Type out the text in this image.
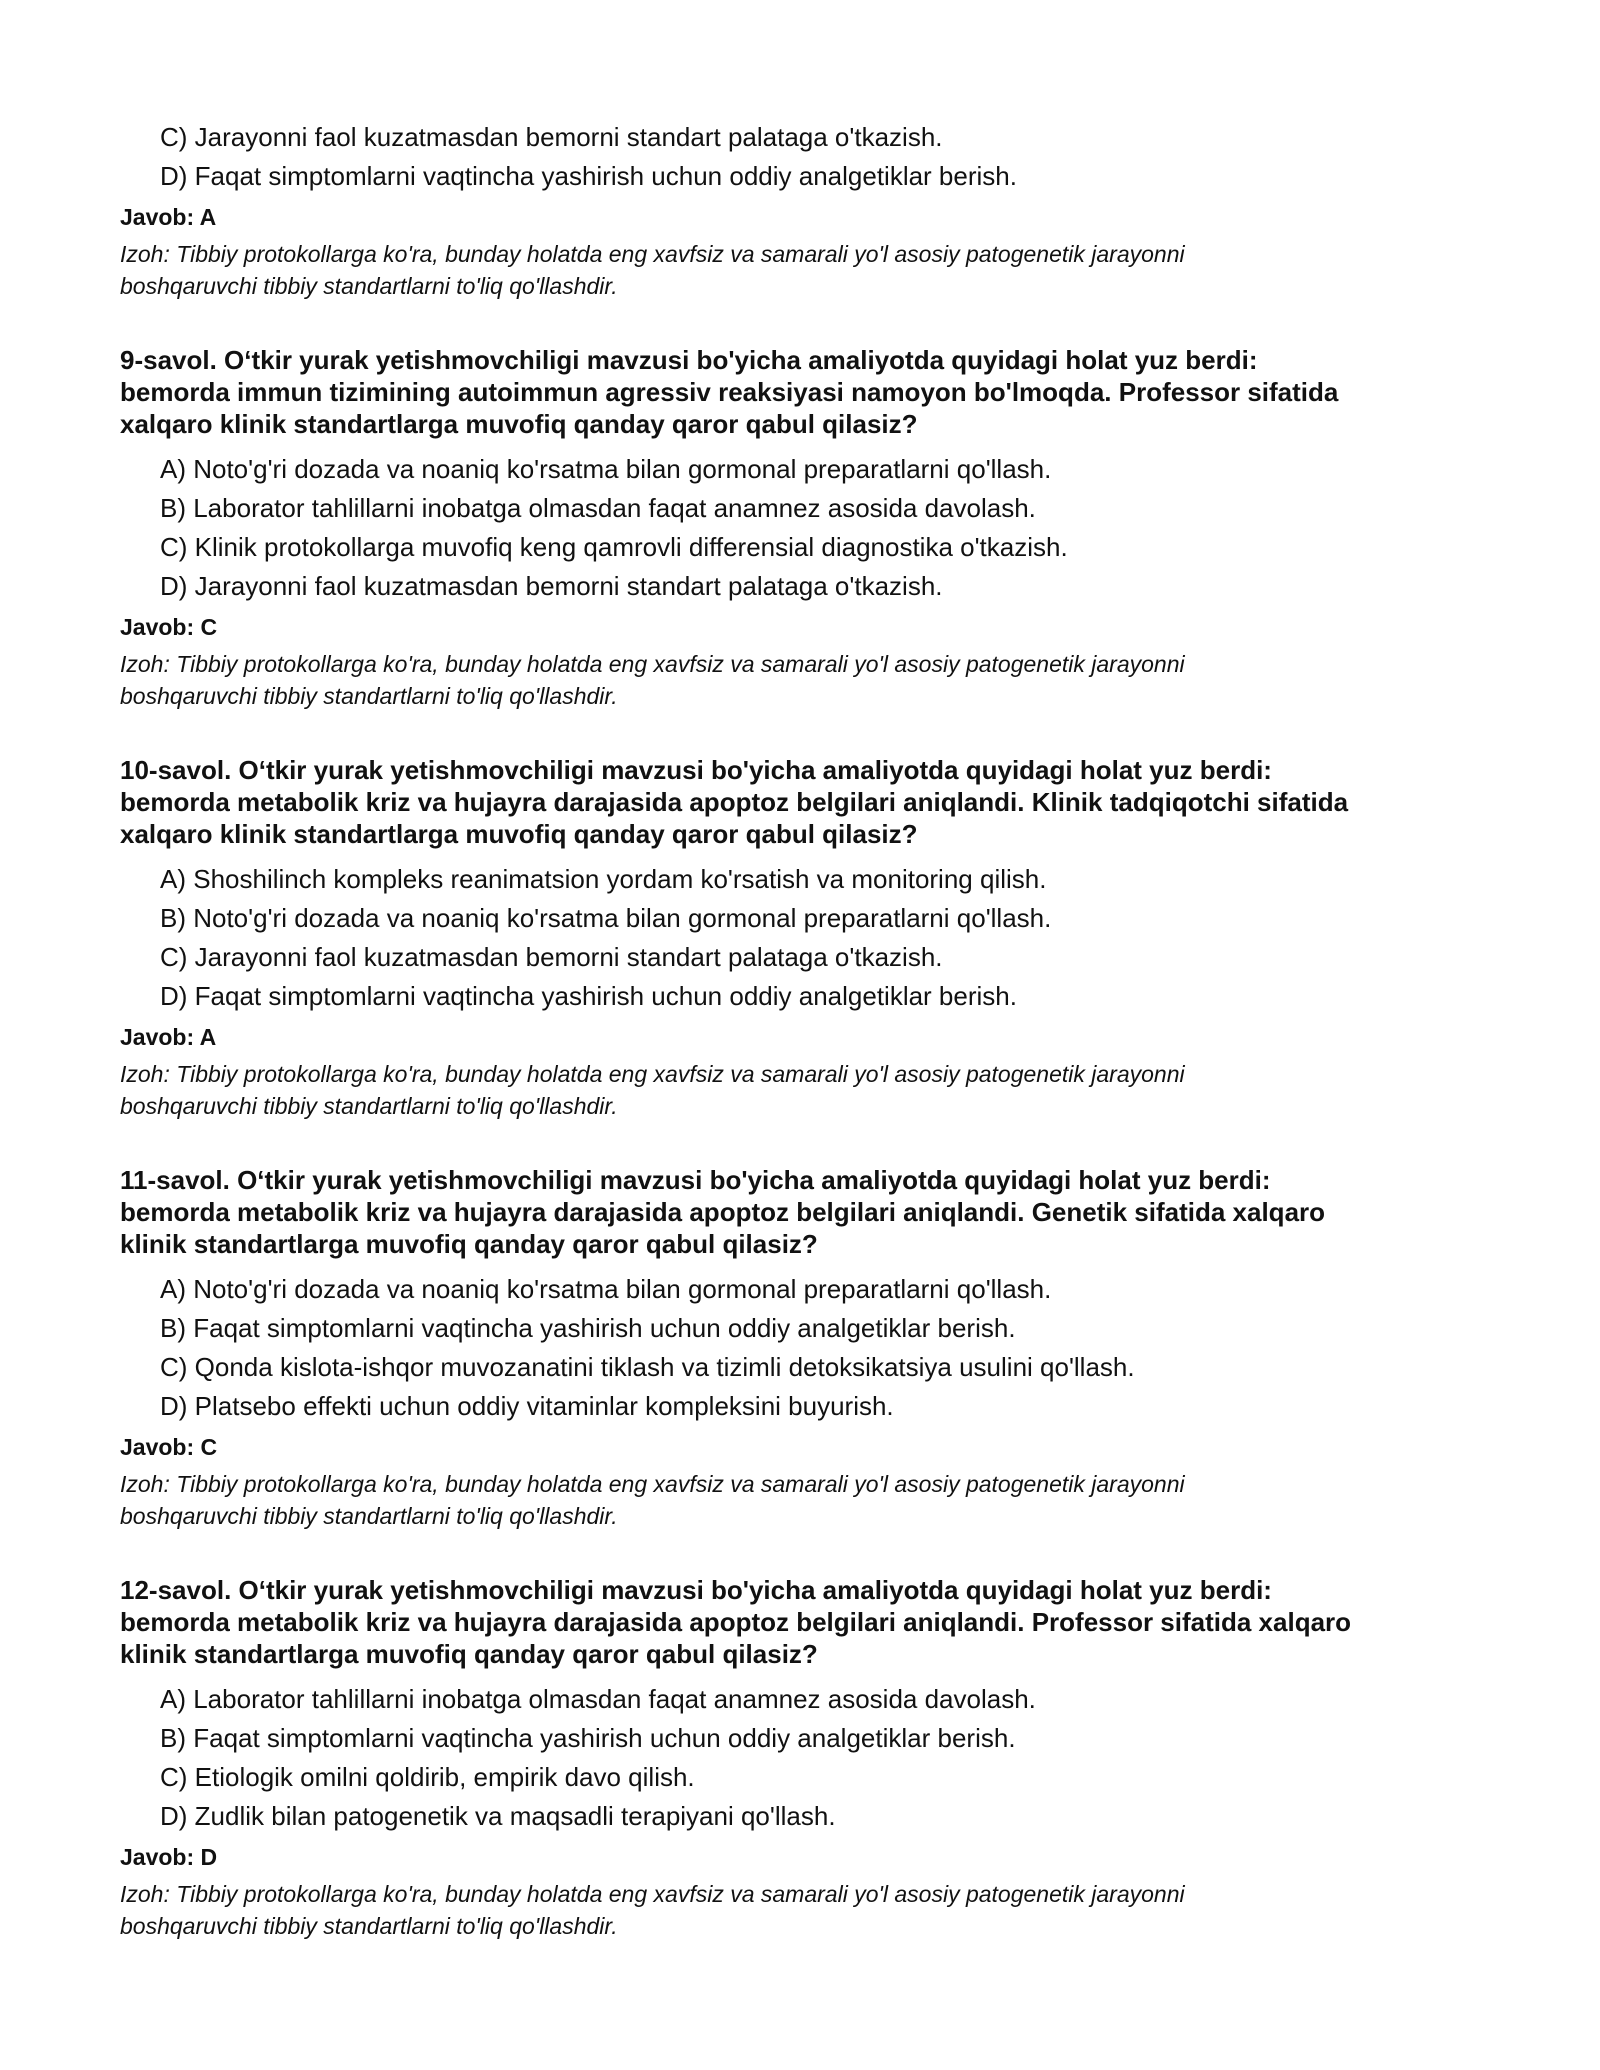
C) Jarayonni faol kuzatmasdan bemorni standart palataga o'tkazish.
D) Faqat simptomlarni vaqtincha yashirish uchun oddiy analgetiklar berish.
Javob: A
Izoh: Tibbiy protokollarga ko'ra, bunday holatda eng xavfsiz va samarali yo'l asosiy patogenetik jarayonni
boshqaruvchi tibbiy standartlarni to'liq qo'llashdir.
9-savol. O‘tkir yurak yetishmovchiligi mavzusi bo'yicha amaliyotda quyidagi holat yuz berdi:
bemorda immun tizimining autoimmun agressiv reaksiyasi namoyon bo'lmoqda. Professor sifatida
xalqaro klinik standartlarga muvofiq qanday qaror qabul qilasiz?
A) Noto'g'ri dozada va noaniq ko'rsatma bilan gormonal preparatlarni qo'llash.
B) Laborator tahlillarni inobatga olmasdan faqat anamnez asosida davolash.
C) Klinik protokollarga muvofiq keng qamrovli differensial diagnostika o'tkazish.
D) Jarayonni faol kuzatmasdan bemorni standart palataga o'tkazish.
Javob: C
Izoh: Tibbiy protokollarga ko'ra, bunday holatda eng xavfsiz va samarali yo'l asosiy patogenetik jarayonni
boshqaruvchi tibbiy standartlarni to'liq qo'llashdir.
10-savol. O‘tkir yurak yetishmovchiligi mavzusi bo'yicha amaliyotda quyidagi holat yuz berdi:
bemorda metabolik kriz va hujayra darajasida apoptoz belgilari aniqlandi. Klinik tadqiqotchi sifatida
xalqaro klinik standartlarga muvofiq qanday qaror qabul qilasiz?
A) Shoshilinch kompleks reanimatsion yordam ko'rsatish va monitoring qilish.
B) Noto'g'ri dozada va noaniq ko'rsatma bilan gormonal preparatlarni qo'llash.
C) Jarayonni faol kuzatmasdan bemorni standart palataga o'tkazish.
D) Faqat simptomlarni vaqtincha yashirish uchun oddiy analgetiklar berish.
Javob: A
Izoh: Tibbiy protokollarga ko'ra, bunday holatda eng xavfsiz va samarali yo'l asosiy patogenetik jarayonni
boshqaruvchi tibbiy standartlarni to'liq qo'llashdir.
11-savol. O‘tkir yurak yetishmovchiligi mavzusi bo'yicha amaliyotda quyidagi holat yuz berdi:
bemorda metabolik kriz va hujayra darajasida apoptoz belgilari aniqlandi. Genetik sifatida xalqaro
klinik standartlarga muvofiq qanday qaror qabul qilasiz?
A) Noto'g'ri dozada va noaniq ko'rsatma bilan gormonal preparatlarni qo'llash.
B) Faqat simptomlarni vaqtincha yashirish uchun oddiy analgetiklar berish.
C) Qonda kislota-ishqor muvozanatini tiklash va tizimli detoksikatsiya usulini qo'llash.
D) Platsebo effekti uchun oddiy vitaminlar kompleksini buyurish.
Javob: C
Izoh: Tibbiy protokollarga ko'ra, bunday holatda eng xavfsiz va samarali yo'l asosiy patogenetik jarayonni
boshqaruvchi tibbiy standartlarni to'liq qo'llashdir.
12-savol. O‘tkir yurak yetishmovchiligi mavzusi bo'yicha amaliyotda quyidagi holat yuz berdi:
bemorda metabolik kriz va hujayra darajasida apoptoz belgilari aniqlandi. Professor sifatida xalqaro
klinik standartlarga muvofiq qanday qaror qabul qilasiz?
A) Laborator tahlillarni inobatga olmasdan faqat anamnez asosida davolash.
B) Faqat simptomlarni vaqtincha yashirish uchun oddiy analgetiklar berish.
C) Etiologik omilni qoldirib, empirik davo qilish.
D) Zudlik bilan patogenetik va maqsadli terapiyani qo'llash.
Javob: D
Izoh: Tibbiy protokollarga ko'ra, bunday holatda eng xavfsiz va samarali yo'l asosiy patogenetik jarayonni
boshqaruvchi tibbiy standartlarni to'liq qo'llashdir.
